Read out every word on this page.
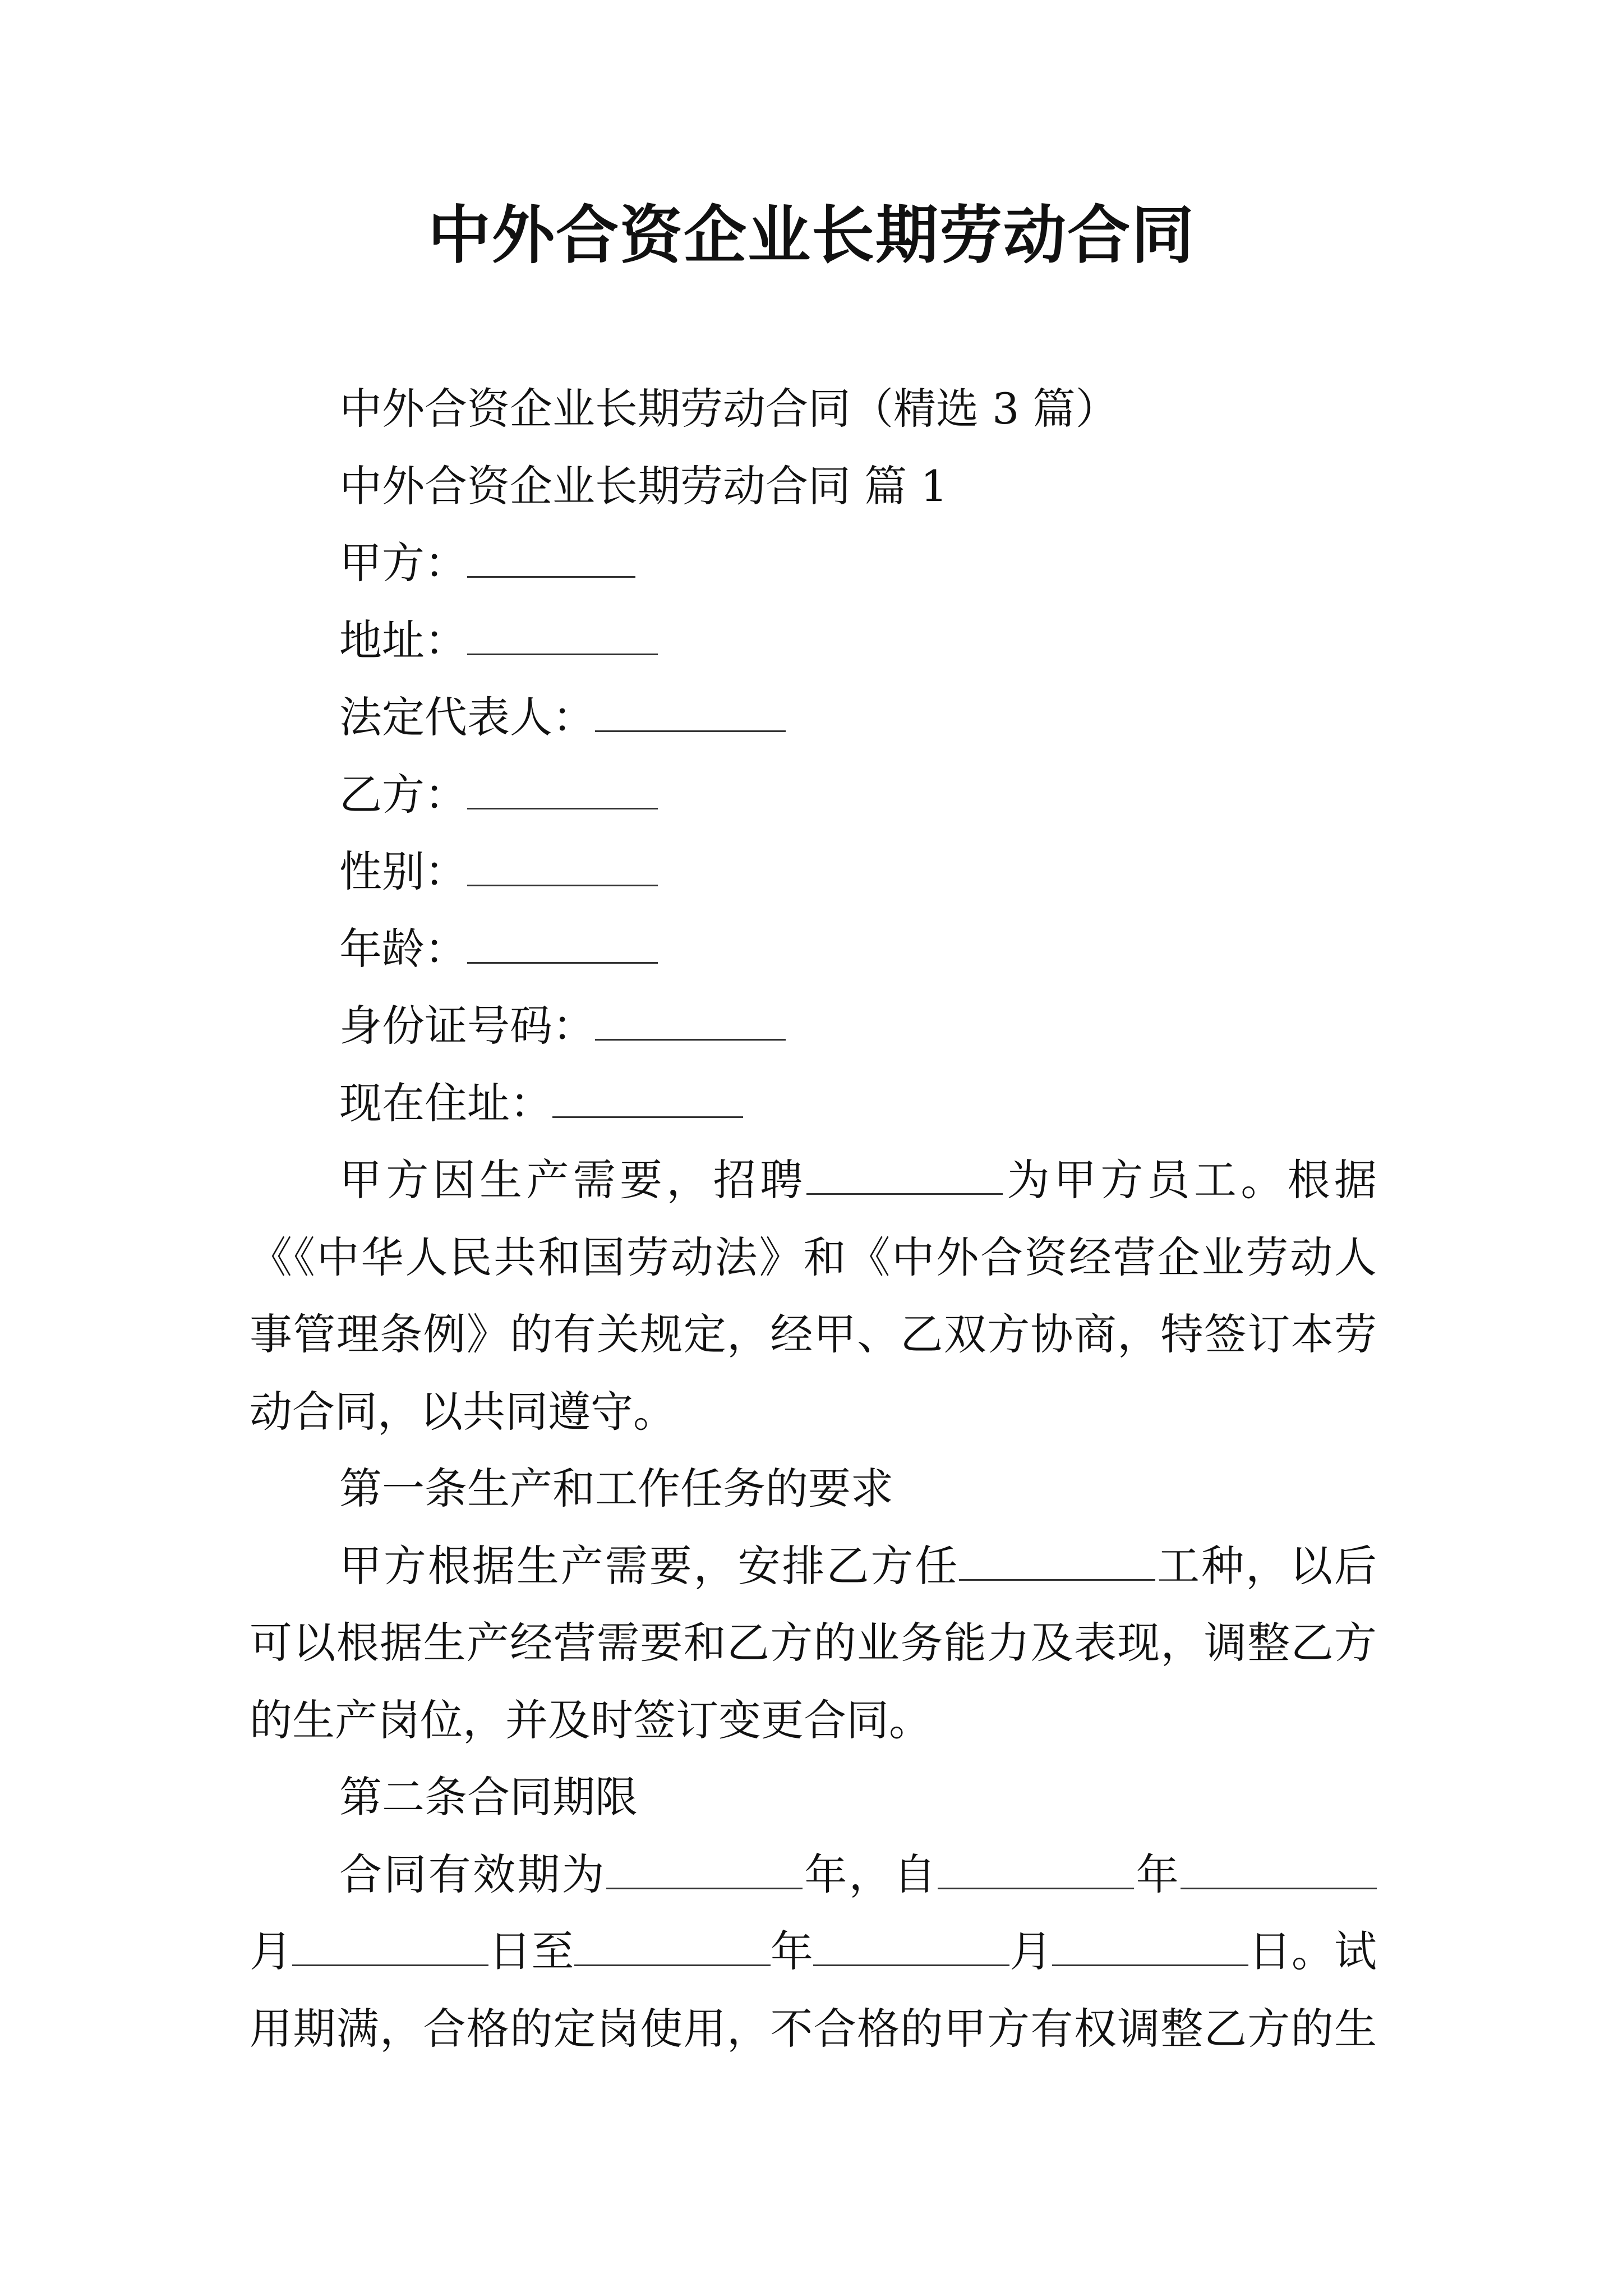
中外合资企业长期劳动合同
中外合资企业长期劳动合同（精选 3 篇）
中外合资企业长期劳动合同 篇 1
甲方：
地址：
法定代表人：
乙方：
性别：
年龄：
身份证号码：
现在住址：
甲方因生产需要，招聘	为甲方员工。根据
《《中华人民共和国劳动法》和《中外合资经营企业劳动人
事管理条例》的有关规定，经甲、乙双方协商，特签订本劳
动合同，以共同遵守。
第一条生产和工作任务的要求
甲方根据生产需要，安排乙方任	工种，以后
可以根据生产经营需要和乙方的业务能力及表现，调整乙方
的生产岗位，并及时签订变更合同。
第二条合同期限
合同有效期为	年，自	年
月	日至	年	月	日。试
用期满，合格的定岗使用，不合格的甲方有权调整乙方的生
